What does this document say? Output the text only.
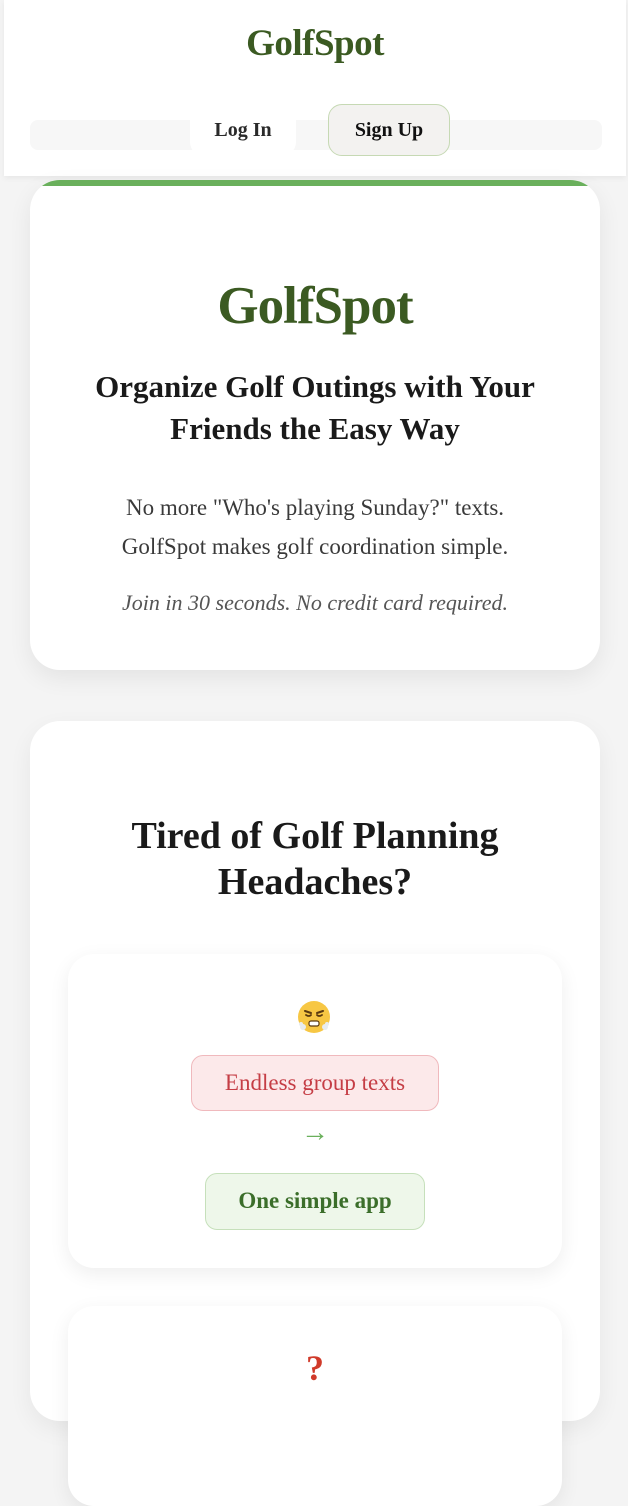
GolfSpot
Log In	Sign Up
GolfSpot
Organize Golf Outings with Your Friends the Easy Way
No more "Who's playing Sunday?" texts.
GolfSpot makes golf coordination simple.
Join in 30 seconds. No credit card required.
Tired of Golf Planning
Headaches?
Endless group texts
→
One simple app
?
